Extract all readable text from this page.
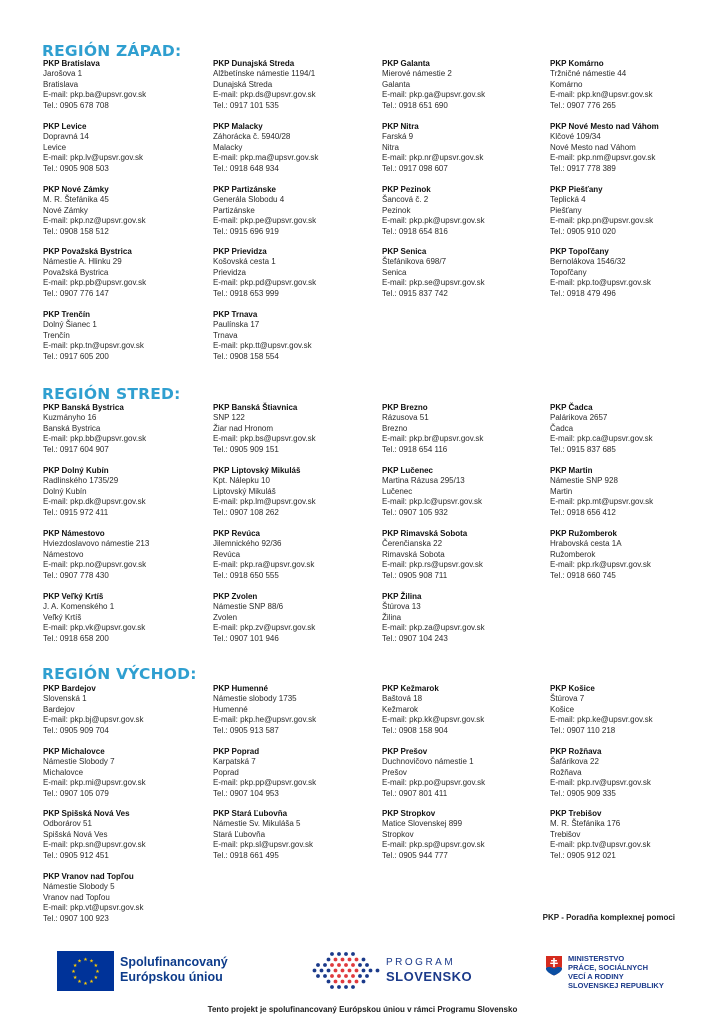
REGIÓN ZÁPAD:
PKP Bratislava
Jarošova 1
Bratislava
E-mail: pkp.ba@upsvr.gov.sk
Tel.: 0905 678 708
PKP Dunajská Streda
Alžbetínske námestie 1194/1
Dunajská Streda
E-mail: pkp.ds@upsvr.gov.sk
Tel.: 0917 101 535
PKP Galanta
Mierové námestie 2
Galanta
E-mail: pkp.ga@upsvr.gov.sk
Tel.: 0918 651 690
PKP Komárno
Tržničné námestie 44
Komárno
E-mail: pkp.kn@upsvr.gov.sk
Tel.: 0907 776 265
PKP Levice
Dopravná 14
Levice
E-mail: pkp.lv@upsvr.gov.sk
Tel.: 0905 908 503
PKP Malacky
Záhorácka č. 5940/28
Malacky
E-mail: pkp.ma@upsvr.gov.sk
Tel.: 0918 648 934
PKP Nitra
Farská 9
Nitra
E-mail: pkp.nr@upsvr.gov.sk
Tel.: 0917 098 607
PKP Nové Mesto nad Váhom
Klčové 109/34
Nové Mesto nad Váhom
E-mail: pkp.nm@upsvr.gov.sk
Tel.: 0917 778 389
PKP Nové Zámky
M. R. Štefánika 45
Nové Zámky
E-mail: pkp.nz@upsvr.gov.sk
Tel.: 0908 158 512
PKP Partizánske
Generála Slobodu 4
Partizánske
E-mail: pkp.pe@upsvr.gov.sk
Tel.: 0915 696 919
PKP Pezinok
Šancová č. 2
Pezinok
E-mail: pkp.pk@upsvr.gov.sk
Tel.: 0918 654 816
PKP Piešťany
Teplická 4
Piešťany
E-mail: pkp.pn@upsvr.gov.sk
Tel.: 0905 910 020
PKP Považská Bystrica
Námestie A. Hlinku 29
Považská Bystrica
E-mail: pkp.pb@upsvr.gov.sk
Tel.: 0907 776 147
PKP Prievidza
Košovská cesta 1
Prievidza
E-mail: pkp.pd@upsvr.gov.sk
Tel.: 0918 653 999
PKP Senica
Štefánikova 698/7
Senica
E-mail: pkp.se@upsvr.gov.sk
Tel.: 0915 837 742
PKP Topoľčany
Bernolákova 1546/32
Topoľčany
E-mail: pkp.to@upsvr.gov.sk
Tel.: 0918 479 496
PKP Trenčín
Dolný Šianec 1
Trenčín
E-mail: pkp.tn@upsvr.gov.sk
Tel.: 0917 605 200
PKP Trnava
Paulínska 17
Trnava
E-mail: pkp.tt@upsvr.gov.sk
Tel.: 0908 158 554
REGIÓN STRED:
PKP Banská Bystrica
Kuzmányho 16
Banská Bystrica
E-mail: pkp.bb@upsvr.gov.sk
Tel.: 0917 604 907
PKP Banská Štiavnica
SNP 122
Žiar nad Hronom
E-mail: pkp.bs@upsvr.gov.sk
Tel.: 0905 909 151
PKP Brezno
Rázusova 51
Brezno
E-mail: pkp.br@upsvr.gov.sk
Tel.: 0918 654 116
PKP Čadca
Palárikova 2657
Čadca
E-mail: pkp.ca@upsvr.gov.sk
Tel.: 0915 837 685
PKP Dolný Kubín
Radlinského 1735/29
Dolný Kubín
E-mail: pkp.dk@upsvr.gov.sk
Tel.: 0915 972 411
PKP Liptovský Mikuláš
Kpt. Nálepku 10
Liptovský Mikuláš
E-mail: pkp.lm@upsvr.gov.sk
Tel.: 0907 108 262
PKP Lučenec
Martina Rázusa 295/13
Lučenec
E-mail: pkp.lc@upsvr.gov.sk
Tel.: 0907 105 932
PKP Martin
Námestie SNP 928
Martin
E-mail: pkp.mt@upsvr.gov.sk
Tel.: 0918 656 412
PKP Námestovo
Hviezdoslavovo námestie 213
Námestovo
E-mail: pkp.no@upsvr.gov.sk
Tel.: 0907 778 430
PKP Revúca
Jilemnického 92/36
Revúca
E-mail: pkp.ra@upsvr.gov.sk
Tel.: 0918 650 555
PKP Rimavská Sobota
Čerenčianska 22
Rimavská Sobota
E-mail: pkp.rs@upsvr.gov.sk
Tel.: 0905 908 711
PKP Ružomberok
Hrabovská cesta 1A
Ružomberok
E-mail: pkp.rk@upsvr.gov.sk
Tel.: 0918 660 745
PKP Veľký Krtíš
J. A. Komenského 1
Veľký Krtíš
E-mail: pkp.vk@upsvr.gov.sk
Tel.: 0918 658 200
PKP Zvolen
Námestie SNP 88/6
Zvolen
E-mail: pkp.zv@upsvr.gov.sk
Tel.: 0907 101 946
PKP Žilina
Štúrova 13
Žilina
E-mail: pkp.za@upsvr.gov.sk
Tel.: 0907 104 243
REGIÓN VÝCHOD:
PKP Bardejov
Slovenská 1
Bardejov
E-mail: pkp.bj@upsvr.gov.sk
Tel.: 0905 909 704
PKP Humenné
Námestie slobody 1735
Humenné
E-mail: pkp.he@upsvr.gov.sk
Tel.: 0905 913 587
PKP Kežmarok
Baštová 18
Kežmarok
E-mail: pkp.kk@upsvr.gov.sk
Tel.: 0908 158 904
PKP Košice
Štúrova 7
Košice
E-mail: pkp.ke@upsvr.gov.sk
Tel.: 0907 110 218
PKP Michalovce
Námestie Slobody 7
Michalovce
E-mail: pkp.mi@upsvr.gov.sk
Tel.: 0907 105 079
PKP Poprad
Karpatská 7
Poprad
E-mail: pkp.pp@upsvr.gov.sk
Tel.: 0907 104 953
PKP Prešov
Duchnovičovo námestie 1
Prešov
E-mail: pkp.po@upsvr.gov.sk
Tel.: 0907 801 411
PKP Rožňava
Šafárikova 22
Rožňava
E-mail: pkp.rv@upsvr.gov.sk
Tel.: 0905 909 335
PKP Spišská Nová Ves
Odborárov 51
Spišská Nová Ves
E-mail: pkp.sn@upsvr.gov.sk
Tel.: 0905 912 451
PKP Stará Ľubovňa
Námestie Sv. Mikuláša 5
Stará Ľubovňa
E-mail: pkp.sl@upsvr.gov.sk
Tel.: 0918 661 495
PKP Stropkov
Matice Slovenskej 899
Stropkov
E-mail: pkp.sp@upsvr.gov.sk
Tel.: 0905 944 777
PKP Trebišov
M. R. Štefánika 176
Trebišov
E-mail: pkp.tv@upsvr.gov.sk
Tel.: 0905 912 021
PKP Vranov nad Topľou
Námestie Slobody 5
Vranov nad Topľou
E-mail: pkp.vt@upsvr.gov.sk
Tel.: 0907 100 923	PKP - Poradňa komplexnej pomoci
★ ★
★
★
★
★
★
★
★
★
★
★	Spolufinancovaný
Európskou úniou
PROGRAM
SLOVENSKO
MINISTERSTVO
PRÁCE, SOCIÁLNYCH
VECÍ A RODINY
SLOVENSKEJ REPUBLIKY
Tento projekt je spolufinancovaný Európskou úniou v rámci Programu Slovensko
